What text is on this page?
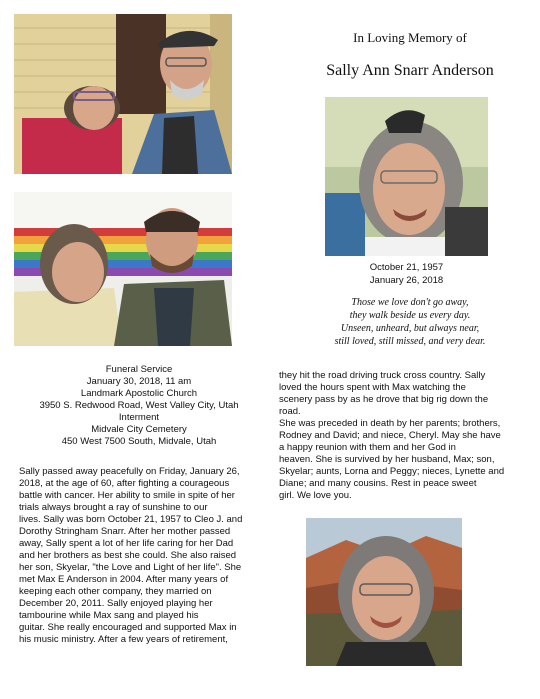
In Loving Memory of
Sally Ann Snarr Anderson
October 21, 1957
January 26, 2018
Those we love don't go away,
they walk beside us every day.
Unseen, unheard, but always near,
still loved, still missed, and very dear.
Funeral Service
January 30, 2018, 11 am
Landmark Apostolic Church
3950 S. Redwood Road, West Valley City, Utah
Interment
Midvale City Cemetery
450 West 7500 South, Midvale, Utah
Sally passed away peacefully on Friday, January 26,
2018, at the age of 60, after fighting a courageous
battle with cancer. Her ability to smile in spite of her
trials always brought a ray of sunshine to our
lives. Sally was born October 21, 1957 to Cleo J. and
Dorothy Stringham Snarr. After her mother passed
away, Sally spent a lot of her life caring for her Dad
and her brothers as best she could. She also raised
her son, Skyelar, "the Love and Light of her life". She
met Max E Anderson in 2004. After many years of
keeping each other company, they married on
December 20, 2011. Sally enjoyed playing her
tambourine while Max sang and played his
guitar. She really encouraged and supported Max in
his music ministry. After a few years of retirement,
they hit the road driving truck cross country. Sally
loved the hours spent with Max watching the
scenery pass by as he drove that big rig down the
road.
She was preceded in death by her parents; brothers,
Rodney and David; and niece, Cheryl. May she have
a happy reunion with them and her God in
heaven. She is survived by her husband, Max; son,
Skyelar; aunts, Lorna and Peggy; nieces, Lynette and
Diane; and many cousins. Rest in peace sweet
girl. We love you.
